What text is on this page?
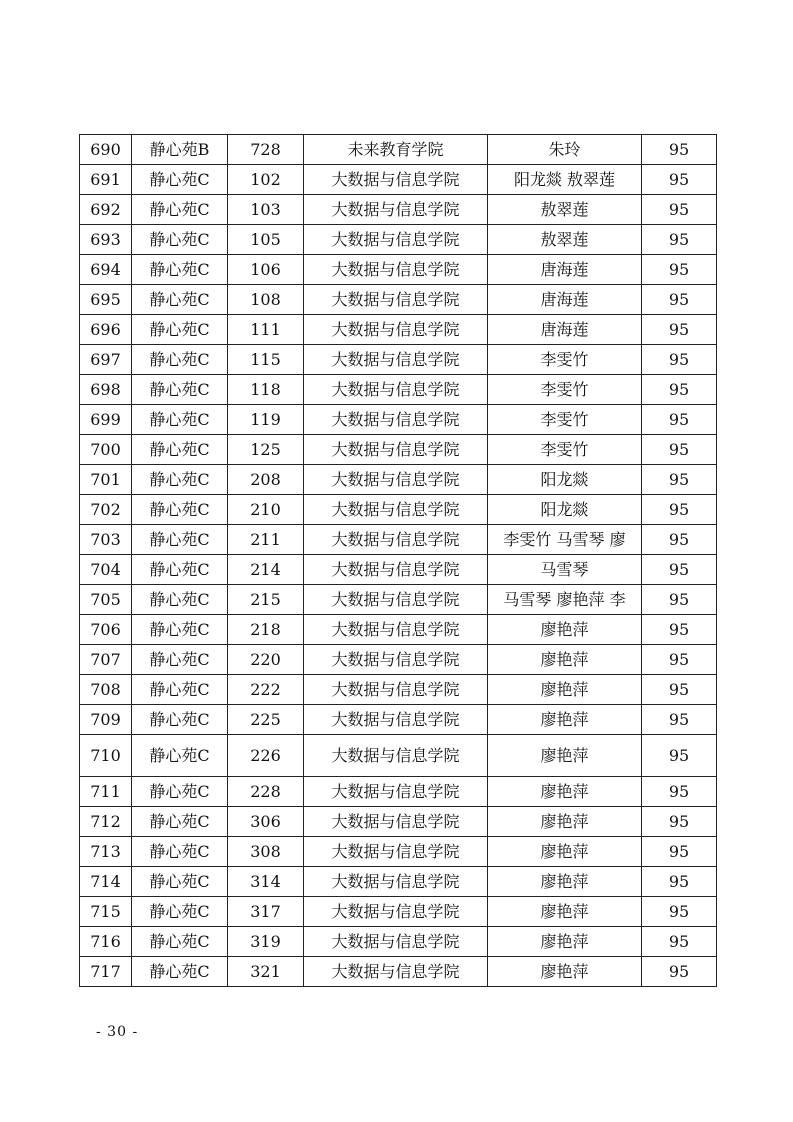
690	静心苑B	728	未来教育学院	朱玲	95
691	静心苑C	102	大数据与信息学院	阳龙燚 敖翠莲	95
692	静心苑C	103	大数据与信息学院	敖翠莲	95
693	静心苑C	105	大数据与信息学院	敖翠莲	95
694	静心苑C	106	大数据与信息学院	唐海莲	95
695	静心苑C	108	大数据与信息学院	唐海莲	95
696	静心苑C	111	大数据与信息学院	唐海莲	95
697	静心苑C	115	大数据与信息学院	李雯竹	95
698	静心苑C	118	大数据与信息学院	李雯竹	95
699	静心苑C	119	大数据与信息学院	李雯竹	95
700	静心苑C	125	大数据与信息学院	李雯竹	95
701	静心苑C	208	大数据与信息学院	阳龙燚	95
702	静心苑C	210	大数据与信息学院	阳龙燚	95
703	静心苑C	211	大数据与信息学院	李雯竹 马雪琴 廖	95
704	静心苑C	214	大数据与信息学院	马雪琴	95
705	静心苑C	215	大数据与信息学院	马雪琴 廖艳萍 李	95
706	静心苑C	218	大数据与信息学院	廖艳萍	95
707	静心苑C	220	大数据与信息学院	廖艳萍	95
708	静心苑C	222	大数据与信息学院	廖艳萍	95
709	静心苑C	225	大数据与信息学院	廖艳萍	95
710	静心苑C	226	大数据与信息学院	廖艳萍	95
711	静心苑C	228	大数据与信息学院	廖艳萍	95
712	静心苑C	306	大数据与信息学院	廖艳萍	95
713	静心苑C	308	大数据与信息学院	廖艳萍	95
714	静心苑C	314	大数据与信息学院	廖艳萍	95
715	静心苑C	317	大数据与信息学院	廖艳萍	95
716	静心苑C	319	大数据与信息学院	廖艳萍	95
717	静心苑C	321	大数据与信息学院	廖艳萍	95
- 30 -
